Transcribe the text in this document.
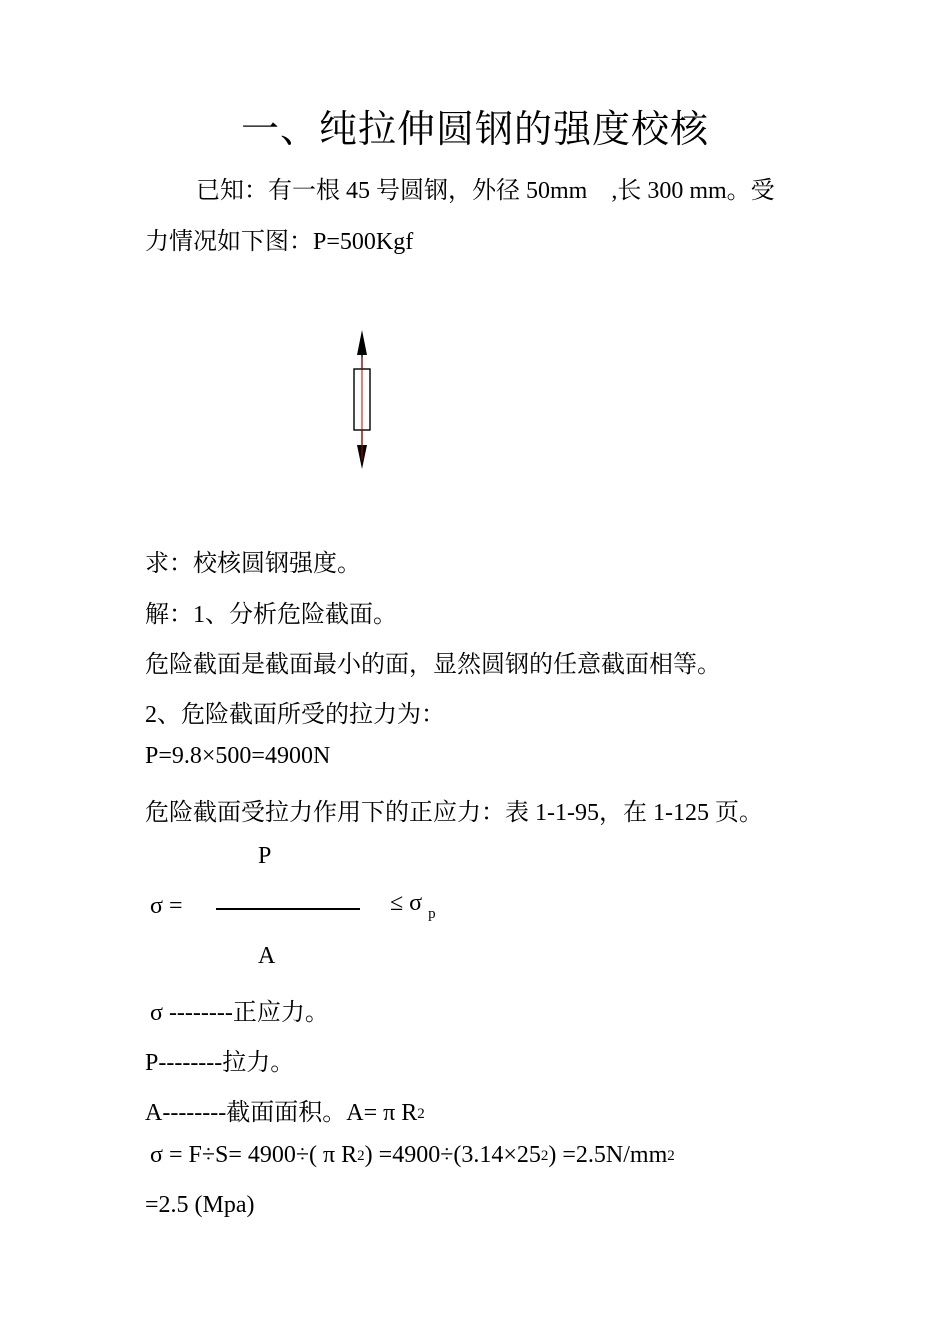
一、纯拉伸圆钢的强度校核
已知：有一根 45 号圆钢，外径 50mm    ,长 300 mm。受
力情况如下图：P=500Kgf
求：校核圆钢强度。
解：1、分析危险截面。
危险截面是截面最小的面，显然圆钢的任意截面相等。
2、危险截面所受的拉力为：
P=9.8×500=4900N
危险截面受拉力作用下的正应力：表 1-1-95，在 1-125 页。
P
σ =	≤ σ $_p$
A
σ --------正应力。
P--------拉力。
A--------截面面积。A= π R2
σ = F÷S= 4900÷( π R2) =4900÷(3.14×252) =2.5N/mm2
=2.5 (Mpa)
